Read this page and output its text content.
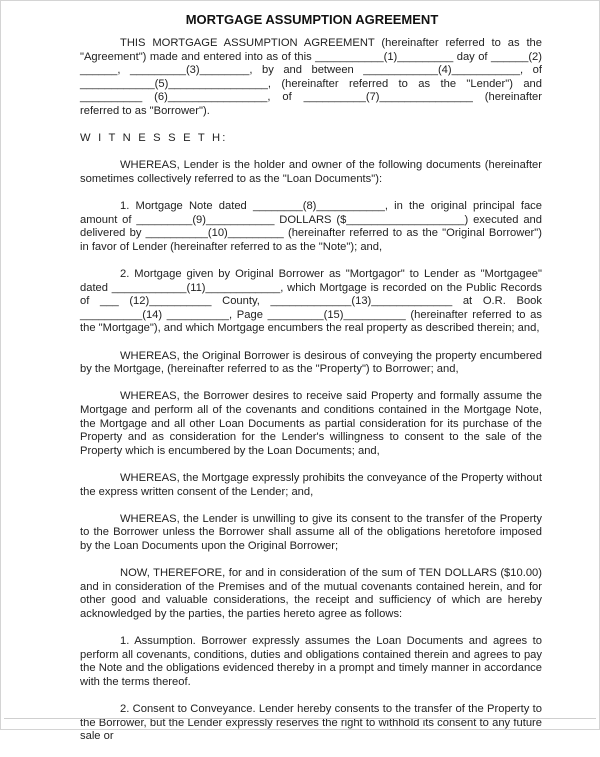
MORTGAGE ASSUMPTION AGREEMENT

THIS MORTGAGE ASSUMPTION AGREEMENT (hereinafter referred to as the "Agreement") made and entered into as of this ___________(1)_________ day of ______(2) ______, _________(3)________, by and between ____________(4)___________, of ____________(5)________________, (hereinafter referred to as the "Lender") and __________ (6)________________, of __________(7)_______________ (hereinafter referred to as "Borrower").

W I T N E S S E T H:

WHEREAS, Lender is the holder and owner of the following documents (hereinafter sometimes collectively referred to as the "Loan Documents"):

1. Mortgage Note dated ________(8)___________, in the original principal face amount of _________(9)___________ DOLLARS ($___________________) executed and delivered by __________(10)_________ (hereinafter referred to as the "Original Borrower") in favor of Lender (hereinafter referred to as the "Note"); and,

2. Mortgage given by Original Borrower as "Mortgagor" to Lender as "Mortgagee" dated ____________(11)____________, which Mortgage is recorded on the Public Records of ___ (12)__________ County, _____________(13)_____________ at O.R. Book __________(14) __________, Page _________(15)__________ (hereinafter referred to as the "Mortgage"), and which Mortgage encumbers the real property as described therein; and,

WHEREAS, the Original Borrower is desirous of conveying the property encumbered by the Mortgage, (hereinafter referred to as the "Property") to Borrower; and,

WHEREAS, the Borrower desires to receive said Property and formally assume the Mortgage and perform all of the covenants and conditions contained in the Mortgage Note, the Mortgage and all other Loan Documents as partial consideration for its purchase of the Property and as consideration for the Lender's willingness to consent to the sale of the Property which is encumbered by the Loan Documents; and,

WHEREAS, the Mortgage expressly prohibits the conveyance of the Property without the express written consent of the Lender; and,

WHEREAS, the Lender is unwilling to give its consent to the transfer of the Property to the Borrower unless the Borrower shall assume all of the obligations heretofore imposed by the Loan Documents upon the Original Borrower;

NOW, THEREFORE, for and in consideration of the sum of TEN DOLLARS ($10.00) and in consideration of the Premises and of the mutual covenants contained herein, and for other good and valuable considerations, the receipt and sufficiency of which are hereby acknowledged by the parties, the parties hereto agree as follows:

1. Assumption. Borrower expressly assumes the Loan Documents and agrees to perform all covenants, conditions, duties and obligations contained therein and agrees to pay the Note and the obligations evidenced thereby in a prompt and timely manner in accordance with the terms thereof.

2. Consent to Conveyance. Lender hereby consents to the transfer of the Property to the Borrower, but the Lender expressly reserves the right to withhold its consent to any future sale or
